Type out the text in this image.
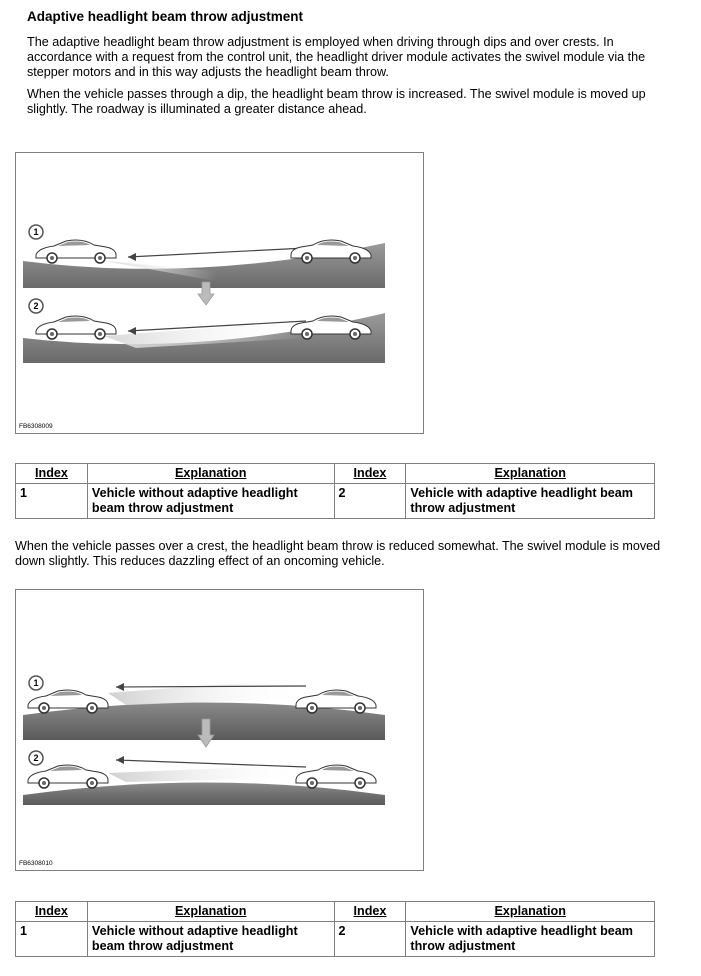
Adaptive headlight beam throw adjustment

The adaptive headlight beam throw adjustment is employed when driving through dips and over crests. In accordance with a request from the control unit, the headlight driver module activates the swivel module via the stepper motors and in this way adjusts the headlight beam throw.

When the vehicle passes through a dip, the headlight beam throw is increased. The swivel module is moved up slightly. The roadway is illuminated a greater distance ahead.

1
2
FB6308009
Index	Explanation	Index	Explanation
1	Vehicle without adaptive headlight beam throw adjustment	2	Vehicle with adaptive headlight beam throw adjustment

When the vehicle passes over a crest, the headlight beam throw is reduced somewhat. The swivel module is moved down slightly. This reduces dazzling effect of an oncoming vehicle.

1
2
FB6308010
Index	Explanation	Index	Explanation
1	Vehicle without adaptive headlight beam throw adjustment	2	Vehicle with adaptive headlight beam throw adjustment
